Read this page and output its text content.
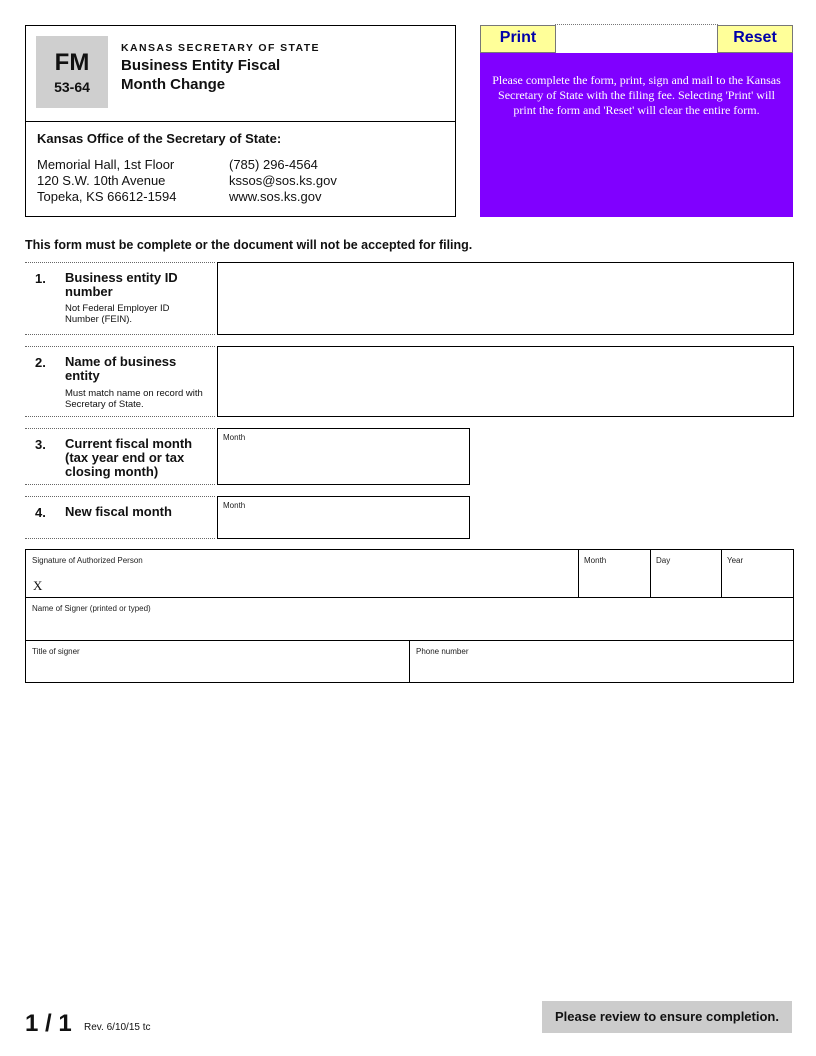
FM
53-64
KANSAS SECRETARY OF STATE
Business Entity Fiscal
Month Change
Kansas Office of the Secretary of State:
Memorial Hall, 1st Floor
120 S.W. 10th Avenue
Topeka, KS 66612-1594
(785) 296-4564
kssos@sos.ks.gov
www.sos.ks.gov
Print	Reset
Please complete the form, print, sign and mail to the Kansas Secretary of State with the filing fee. Selecting 'Print' will print the form and 'Reset' will clear the entire form.
This form must be complete or the document will not be accepted for filing.
1. Business entity ID number
Not Federal Employer ID Number (FEIN).
2. Name of business entity
Must match name on record with Secretary of State.
3. Current fiscal month (tax year end or tax closing month)
Month
4. New fiscal month	Month
Signature of Authorized Person
X
Month	Day	Year
Name of Signer (printed or typed)
Title of signer	Phone number
1 / 1 Rev. 6/10/15 tc
Please review to ensure completion.
